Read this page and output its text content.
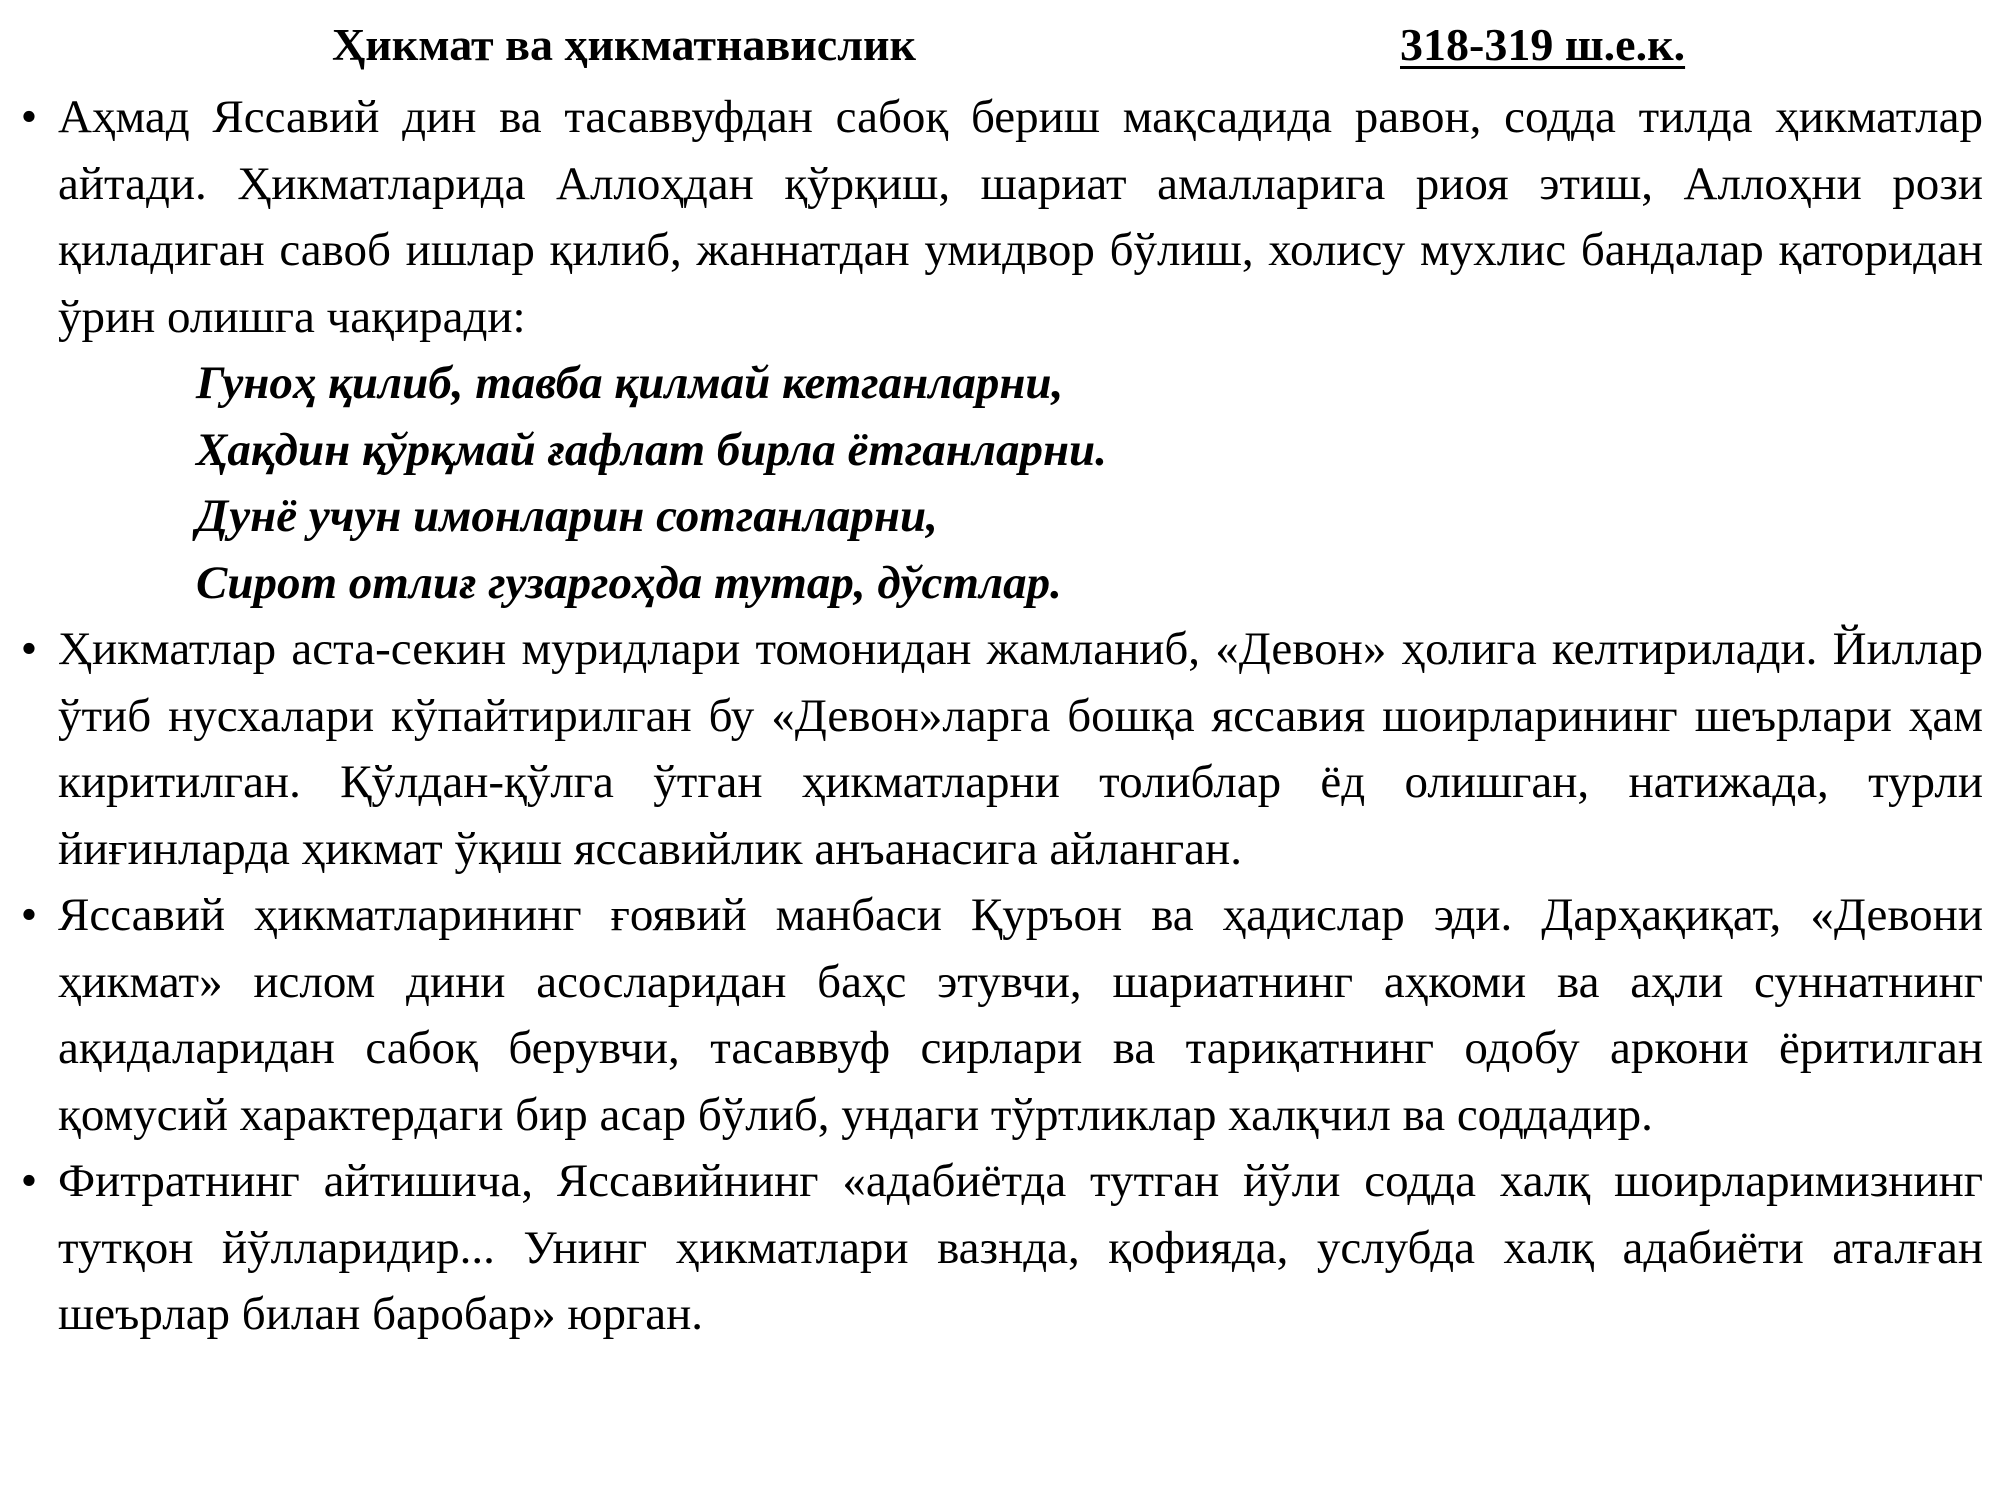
Ҳикмат ва ҳикматнавислик	318-319 ш.е.к.
• Аҳмад Яссавий дин ва тасаввуфдан сабоқ бериш мақсадида равон, содда тилда ҳикматлар айтади. Ҳикматларида Аллоҳдан қўрқиш, шариат амалларига риоя этиш, Аллоҳни рози қиладиган савоб ишлар қилиб, жаннатдан умидвор бўлиш, холису мухлис бандалар қаторидан ўрин олишга чақиради:
Гуноҳ қилиб, тавба қилмай кетганларни,
Ҳақдин қўрқмай ғафлат бирла ётганларни.
Дунё учун имонларин сотганларни,
Сирот отлиғ гузаргоҳда тутар, дўстлар.
• Ҳикматлар аста-секин муридлари томонидан жамланиб, «Девон» ҳолига келтирилади. Йиллар ўтиб нусхалари кўпайтирилган бу «Девон»ларга бошқа яссавия шоирларининг шеърлари ҳам киритилган. Қўлдан-қўлга ўтган ҳикматларни толиблар ёд олишган, натижада, турли йиғинларда ҳикмат ўқиш яссавийлик анъанасига айланган.
• Яссавий ҳикматларининг ғоявий манбаси Қуръон ва ҳадислар эди. Дарҳақиқат, «Девони ҳикмат» ислом дини асосларидан баҳс этувчи, шариатнинг аҳкоми ва аҳли суннатнинг ақидаларидан сабоқ берувчи, тасаввуф сирлари ва тариқатнинг одобу аркони ёритилган қомусий характердаги бир асар бўлиб, ундаги тўртликлар халқчил ва соддадир.
• Фитратнинг айтишича, Яссавийнинг «адабиётда тутган йўли содда халқ шоирларимизнинг тутқон йўлларидир... Унинг ҳикматлари вазнда, қофияда, услубда халқ адабиёти аталған шеърлар билан баробар» юрган.
